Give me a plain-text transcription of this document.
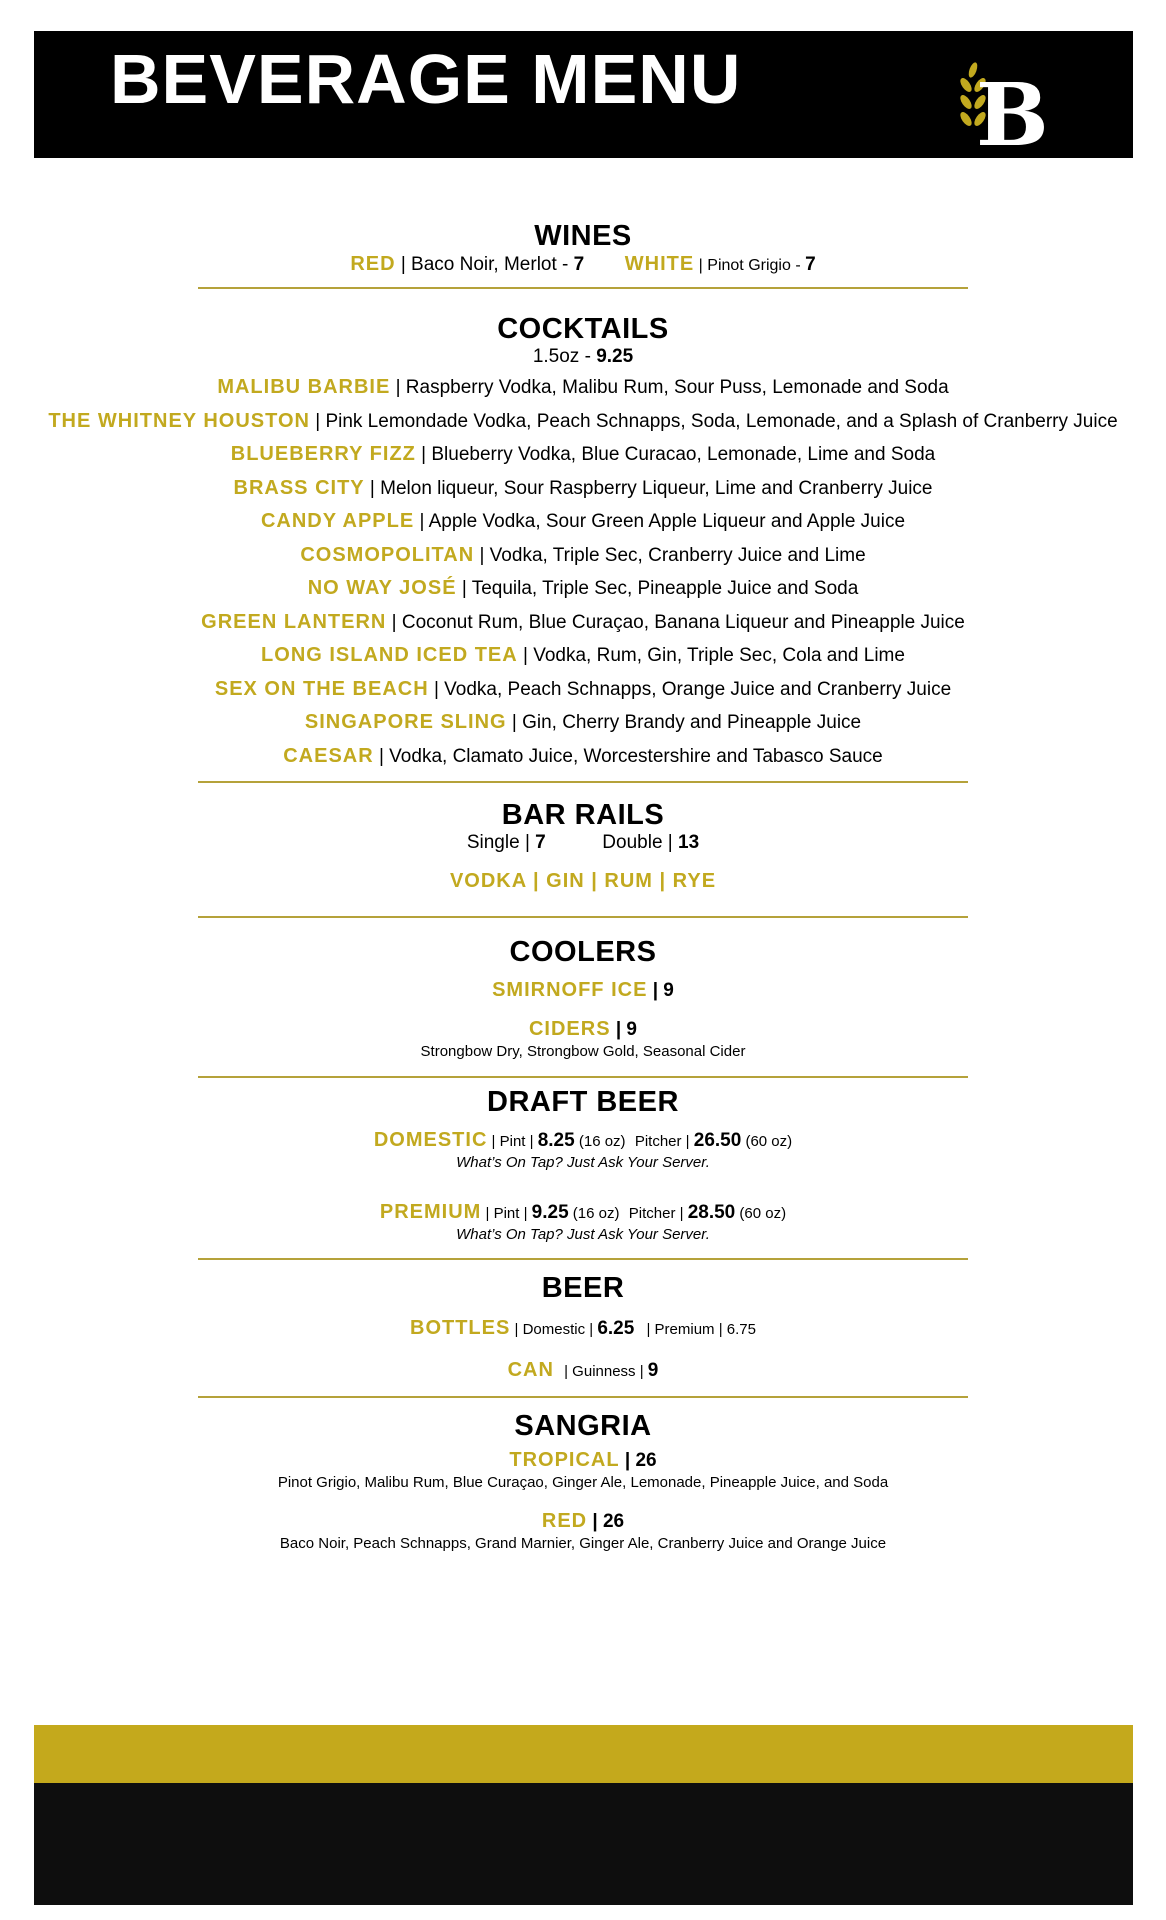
BEVERAGE MENU	B
WINES
RED | Baco Noir, Merlot - 7 WHITE | Pinot Grigio - 7
COCKTAILS
1.5oz - 9.25
MALIBU BARBIE | Raspberry Vodka, Malibu Rum, Sour Puss, Lemonade and Soda
THE WHITNEY HOUSTON | Pink Lemondade Vodka, Peach Schnapps, Soda, Lemonade, and a Splash of Cranberry Juice
BLUEBERRY FIZZ | Blueberry Vodka, Blue Curacao, Lemonade, Lime and Soda
BRASS CITY | Melon liqueur, Sour Raspberry Liqueur, Lime and Cranberry Juice
CANDY APPLE | Apple Vodka, Sour Green Apple Liqueur and Apple Juice
COSMOPOLITAN | Vodka, Triple Sec, Cranberry Juice and Lime
NO WAY JOSÉ | Tequila, Triple Sec, Pineapple Juice and Soda
GREEN LANTERN | Coconut Rum, Blue Curaçao, Banana Liqueur and Pineapple Juice
LONG ISLAND ICED TEA | Vodka, Rum, Gin, Triple Sec, Cola and Lime
SEX ON THE BEACH | Vodka, Peach Schnapps, Orange Juice and Cranberry Juice
SINGAPORE SLING | Gin, Cherry Brandy and Pineapple Juice
CAESAR | Vodka, Clamato Juice, Worcestershire and Tabasco Sauce
BAR RAILS
Single | 7	Double | 13
VODKA | GIN | RUM | RYE
COOLERS
SMIRNOFF ICE | 9
CIDERS | 9
Strongbow Dry, Strongbow Gold, Seasonal Cider
DRAFT BEER
DOMESTIC | Pint | 8.25 (16 oz) Pitcher | 26.50 (60 oz)
What’s On Tap? Just Ask Your Server.
PREMIUM | Pint | 9.25 (16 oz) Pitcher | 28.50 (60 oz)
What’s On Tap? Just Ask Your Server.
BEER
BOTTLES | Domestic | 6.25 | Premium | 6.75
CAN | Guinness | 9
SANGRIA
TROPICAL | 26
Pinot Grigio, Malibu Rum, Blue Curaçao, Ginger Ale, Lemonade, Pineapple Juice, and Soda
RED | 26
Baco Noir, Peach Schnapps, Grand Marnier, Ginger Ale, Cranberry Juice and Orange Juice
